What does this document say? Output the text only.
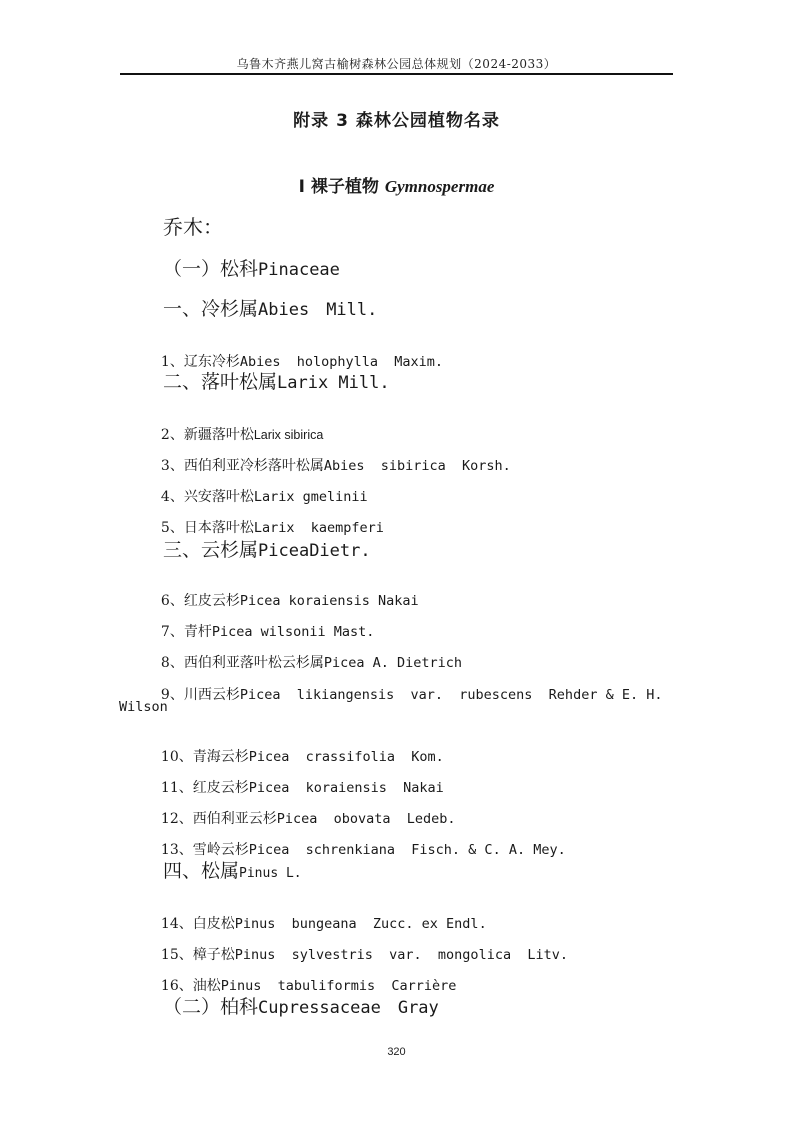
乌鲁木齐燕儿窝古榆树森林公园总体规划（2024-2033）
附录 3 森林公园植物名录
I 裸子植物 Gymnospermae
乔木：
（一）松科Pinaceae
一、冷杉属Abies　Mill.

1、辽东冷杉Abies  holophylla  Maxim.

二、落叶松属Larix Mill.

2、新疆落叶松Larix sibirica

3、西伯利亚冷杉落叶松属Abies  sibirica  Korsh.

4、兴安落叶松Larix gmelinii

5、日本落叶松Larix  kaempferi

三、云杉属PiceaDietr.

6、红皮云杉Picea koraiensis Nakai

7、青杆Picea wilsonii Mast.

8、西伯利亚落叶松云杉属Picea A. Dietrich

9、川西云杉Picea  likiangensis  var.  rubescens  Rehder & E. H.

Wilson

10、青海云杉Picea  crassifolia  Kom.

11、红皮云杉Picea  koraiensis  Nakai

12、西伯利亚云杉Picea  obovata  Ledeb.

13、雪岭云杉Picea  schrenkiana  Fisch. & C. A. Mey.

四、松属Pinus L.

14、白皮松Pinus  bungeana  Zucc. ex Endl.

15、樟子松Pinus  sylvestris  var.  mongolica  Litv.

16、油松Pinus  tabuliformis  Carrière

（二）柏科Cupressaceae　Gray
320
